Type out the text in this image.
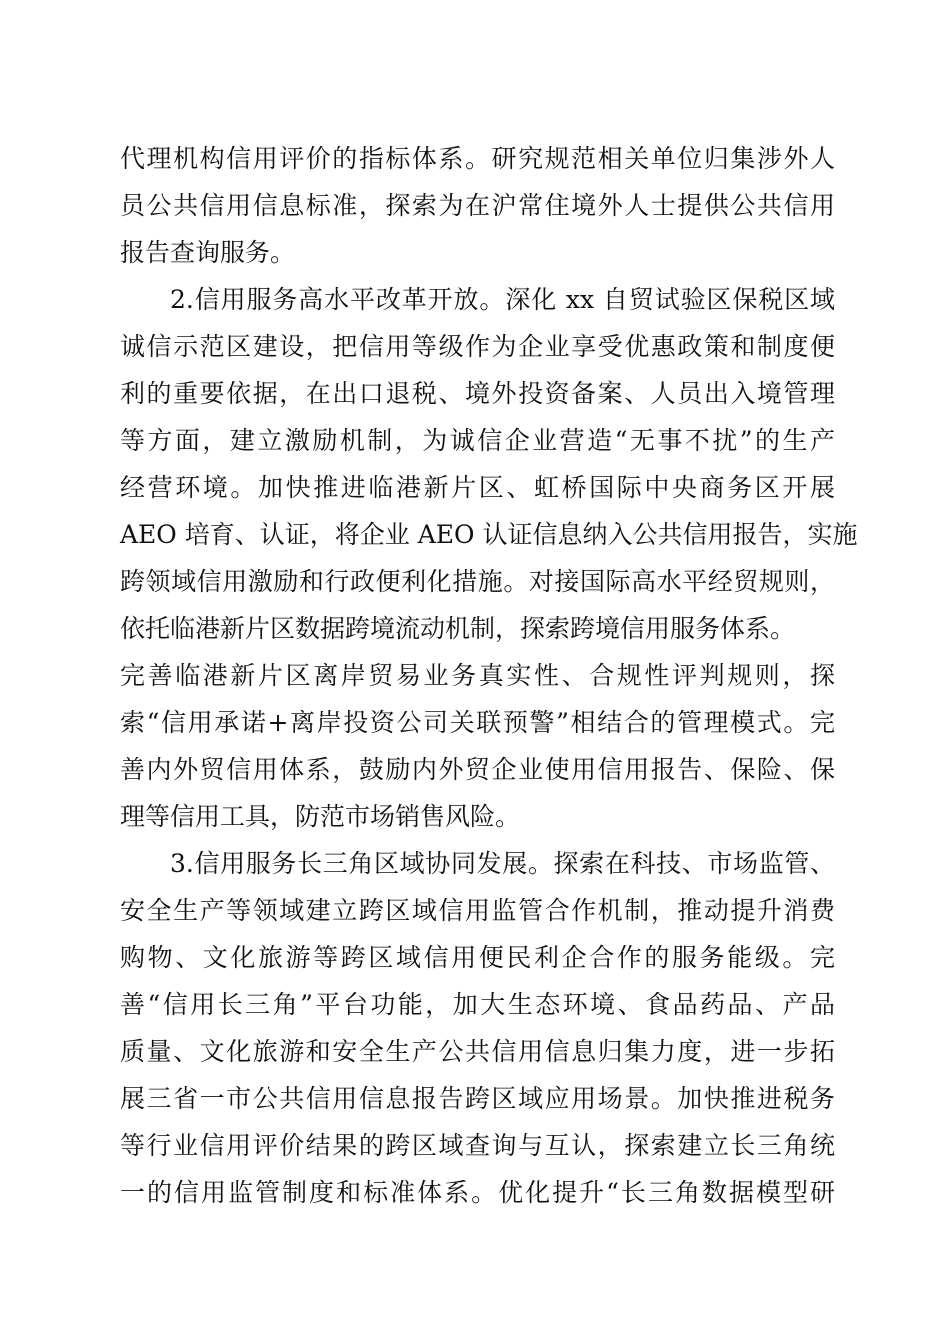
代理机构信用评价的指标体系。研究规范相关单位归集涉外人
员公共信用信息标准，探索为在沪常住境外人士提供公共信用
报告查询服务。
2.信用服务高水平改革开放。深化 xx 自贸试验区保税区域
诚信示范区建设，把信用等级作为企业享受优惠政策和制度便
利的重要依据，在出口退税、境外投资备案、人员出入境管理
等方面，建立激励机制，为诚信企业营造“无事不扰”的生产
经营环境。加快推进临港新片区、虹桥国际中央商务区开展
AEO 培育、认证，将企业 AEO 认证信息纳入公共信用报告，实施
跨领域信用激励和行政便利化措施。对接国际高水平经贸规则，
依托临港新片区数据跨境流动机制，探索跨境信用服务体系。
完善临港新片区离岸贸易业务真实性、合规性评判规则，探
索“信用承诺+离岸投资公司关联预警”相结合的管理模式。完
善内外贸信用体系，鼓励内外贸企业使用信用报告、保险、保
理等信用工具，防范市场销售风险。
3.信用服务长三角区域协同发展。探索在科技、市场监管、
安全生产等领域建立跨区域信用监管合作机制，推动提升消费
购物、文化旅游等跨区域信用便民利企合作的服务能级。完
善“信用长三角”平台功能，加大生态环境、食品药品、产品
质量、文化旅游和安全生产公共信用信息归集力度，进一步拓
展三省一市公共信用信息报告跨区域应用场景。加快推进税务
等行业信用评价结果的跨区域查询与互认，探索建立长三角统
一的信用监管制度和标准体系。优化提升“长三角数据模型研
